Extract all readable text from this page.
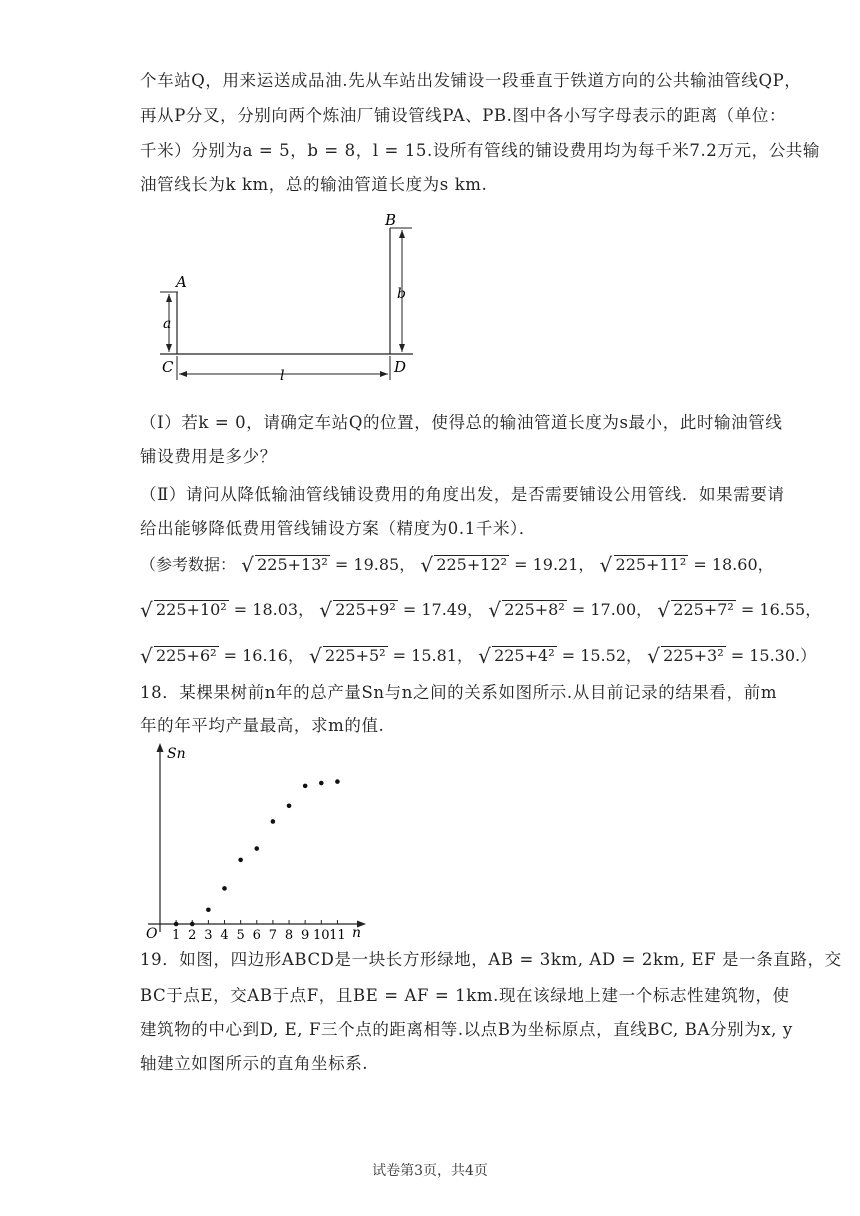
个车站Q，用来运送成品油.先从车站出发铺设一段垂直于铁道方向的公共输油管线QP，
再从P分叉，分别向两个炼油厂铺设管线PA、PB.图中各小写字母表示的距离（单位：
千米）分别为a = 5，b = 8，l = 15.设所有管线的铺设费用均为每千米7.2万元，公共输
油管线长为k km，总的输油管道长度为s km.
A
B
C	D
a
b
l
（Ⅰ）若k = 0，请确定车站Q的位置，使得总的输油管道长度为s最小，此时输油管线
铺设费用是多少？
（Ⅱ）请问从降低输油管线铺设费用的角度出发，是否需要铺设公用管线．如果需要请
给出能够降低费用管线铺设方案（精度为0.1千米）．
（参考数据： √ 225+13² = 19.85， √ 225+12² = 19.21， √ 225+11² = 18.60，
√ 225+10² = 18.03， √ 225+9² = 17.49， √ 225+8² = 17.00， √ 225+7² = 16.55，
√ 225+6² = 16.16， √ 225+5² = 15.81， √ 225+4² = 15.52， √ 225+3² = 15.30.）
18．某棵果树前n年的总产量Sn与n之间的关系如图所示.从目前记录的结果看，前m
年的年平均产量最高，求m的值.
O	n
Sn
1 2 3 4 5 6 7 8 9 10 11
19．如图，四边形ABCD是一块长方形绿地，AB = 3km, AD = 2km, EF 是一条直路，交
BC于点E，交AB于点F，且BE = AF = 1km.现在该绿地上建一个标志性建筑物，使
建筑物的中心到D, E, F三个点的距离相等.以点B为坐标原点，直线BC, BA分别为x, y
轴建立如图所示的直角坐标系.
试卷第3页，共4页
